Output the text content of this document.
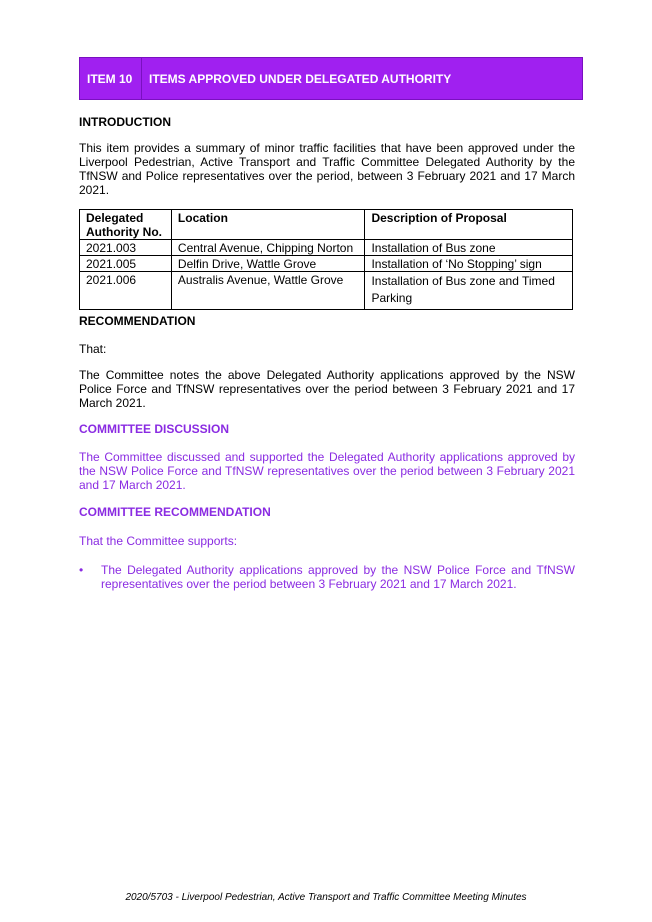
ITEM 10	ITEMS APPROVED UNDER DELEGATED AUTHORITY
INTRODUCTION
This item provides a summary of minor traffic facilities that have been approved under the Liverpool Pedestrian, Active Transport and Traffic Committee Delegated Authority by the TfNSW and Police representatives over the period, between 3 February 2021 and 17 March 2021.
Delegated Authority No.	Location	Description of Proposal
2021.003	Central Avenue, Chipping Norton	Installation of Bus zone
2021.005	Delfin Drive, Wattle Grove	Installation of ‘No Stopping’ sign
2021.006	Australis Avenue, Wattle Grove	Installation of Bus zone and Timed Parking
RECOMMENDATION
That:
The Committee notes the above Delegated Authority applications approved by the NSW Police Force and TfNSW representatives over the period between 3 February 2021 and 17 March 2021.
COMMITTEE DISCUSSION
The Committee discussed and supported the Delegated Authority applications approved by the NSW Police Force and TfNSW representatives over the period between 3 February 2021 and 17 March 2021.
COMMITTEE RECOMMENDATION
That the Committee supports:
•	The Delegated Authority applications approved by the NSW Police Force and TfNSW representatives over the period between 3 February 2021 and 17 March 2021.
2020/5703 - Liverpool Pedestrian, Active Transport and Traffic Committee Meeting Minutes
